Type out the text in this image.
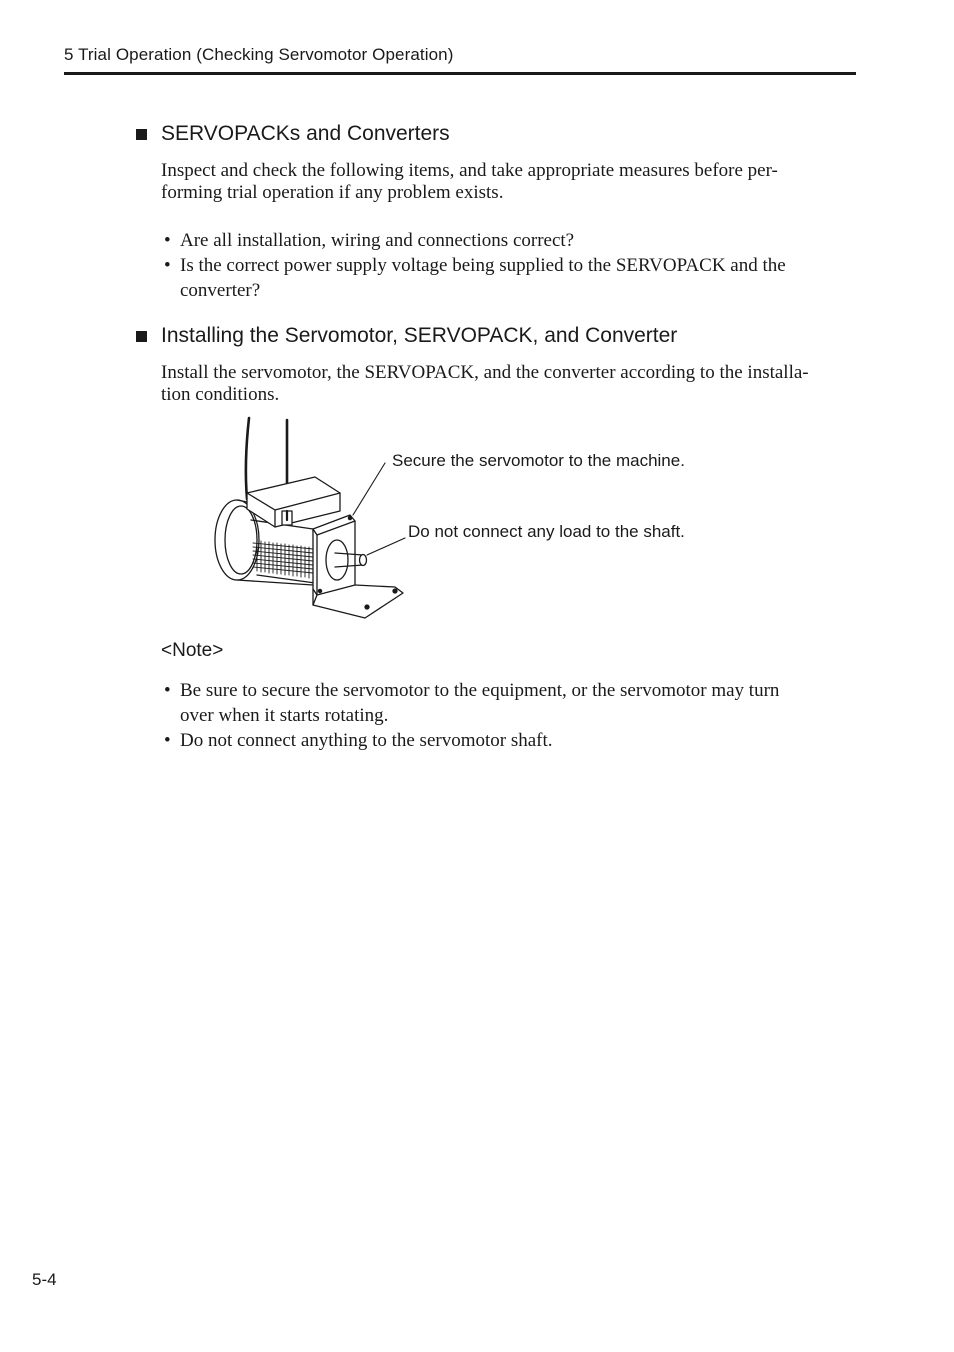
5 Trial Operation (Checking Servomotor Operation)
SERVOPACKs and Converters
Inspect and check the following items, and take appropriate measures before per-
forming trial operation if any problem exists.
• Are all installation, wiring and connections correct?
• Is the correct power supply voltage being supplied to the SERVOPACK and the
converter?
Installing the Servomotor, SERVOPACK, and Converter
Install the servomotor, the SERVOPACK, and the converter according to the installa-
tion conditions.
Secure the servomotor to the machine.
Do not connect any load to the shaft.
<Note>
• Be sure to secure the servomotor to the equipment, or the servomotor may turn
over when it starts rotating.
• Do not connect anything to the servomotor shaft.
5-4
